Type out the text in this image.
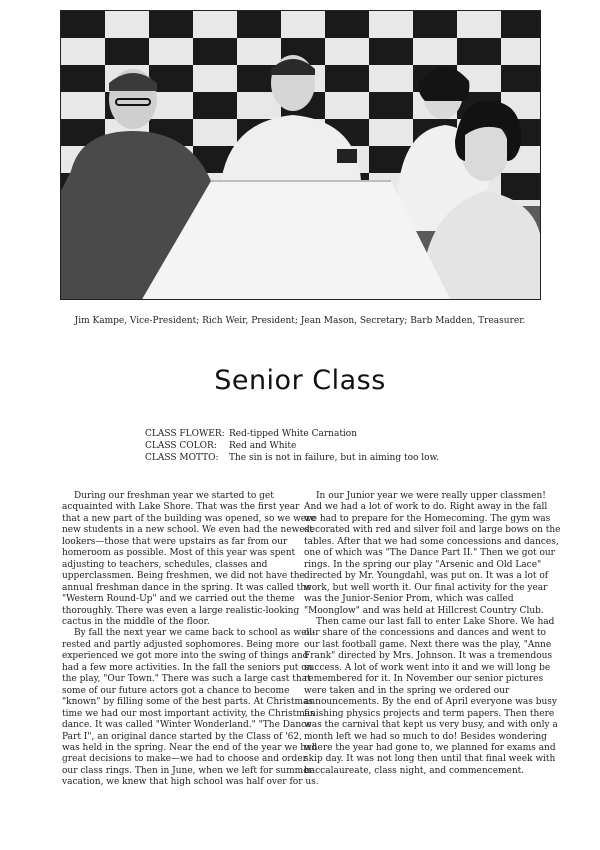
Jim Kampe, Vice-President; Rich Weir, President; Jean Mason, Secretary; Barb Madden, Treasurer.
Senior Class
CLASS FLOWER: Red-tipped White Carnation
CLASS COLOR:	Red and White
CLASS MOTTO:	The sin is not in failure, but in aiming too low.

During our freshman year we started to get acquainted with Lake Shore. That was the first year that a new part of the building was opened, so we were new students in a new school. We even had the newest lookers—those that were upstairs as far from our homeroom as possible. Most of this year was spent adjusting to teachers, schedules, classes and upperclassmen. Being freshmen, we did not have the annual freshman dance in the spring. It was called the "Western Round-Up" and we carried out the theme thoroughly. There was even a large realistic-looking cactus in the middle of the floor.

By fall the next year we came back to school as well-rested and partly adjusted sophomores. Being more experienced we got more into the swing of things and had a few more activities. In the fall the seniors put on the play, "Our Town." There was such a large cast that some of our future actors got a chance to become "known" by filling some of the best parts. At Christmas time we had our most important activity, the Christmas dance. It was called "Winter Wonderland." "The Dance Part I", an original dance started by the Class of '62, was held in the spring. Near the end of the year we had great decisions to make—we had to choose and order our class rings. Then in June, when we left for summer vacation, we knew that high school was half over for us.

In our Junior year we were really upper classmen! And we had a lot of work to do. Right away in the fall we had to prepare for the Homecoming. The gym was decorated with red and silver foil and large bows on the tables. After that we had some concessions and dances, one of which was "The Dance Part II." Then we got our rings. In the spring our play "Arsenic and Old Lace" directed by Mr. Youngdahl, was put on. It was a lot of work, but well worth it. Our final activity for the year was the Junior-Senior Prom, which was called "Moonglow" and was held at Hillcrest Country Club.

Then came our last fall to enter Lake Shore. We had our share of the concessions and dances and went to our last football game. Next there was the play, "Anne Frank" directed by Mrs. Johnson. It was a tremendous success. A lot of work went into it and we will long be remembered for it. In November our senior pictures were taken and in the spring we ordered our announcements. By the end of April everyone was busy finishing physics projects and term papers. Then there was the carnival that kept us very busy, and with only a month left we had so much to do! Besides wondering where the year had gone to, we planned for exams and skip day. It was not long then until that final week with baccalaureate, class night, and commencement.
